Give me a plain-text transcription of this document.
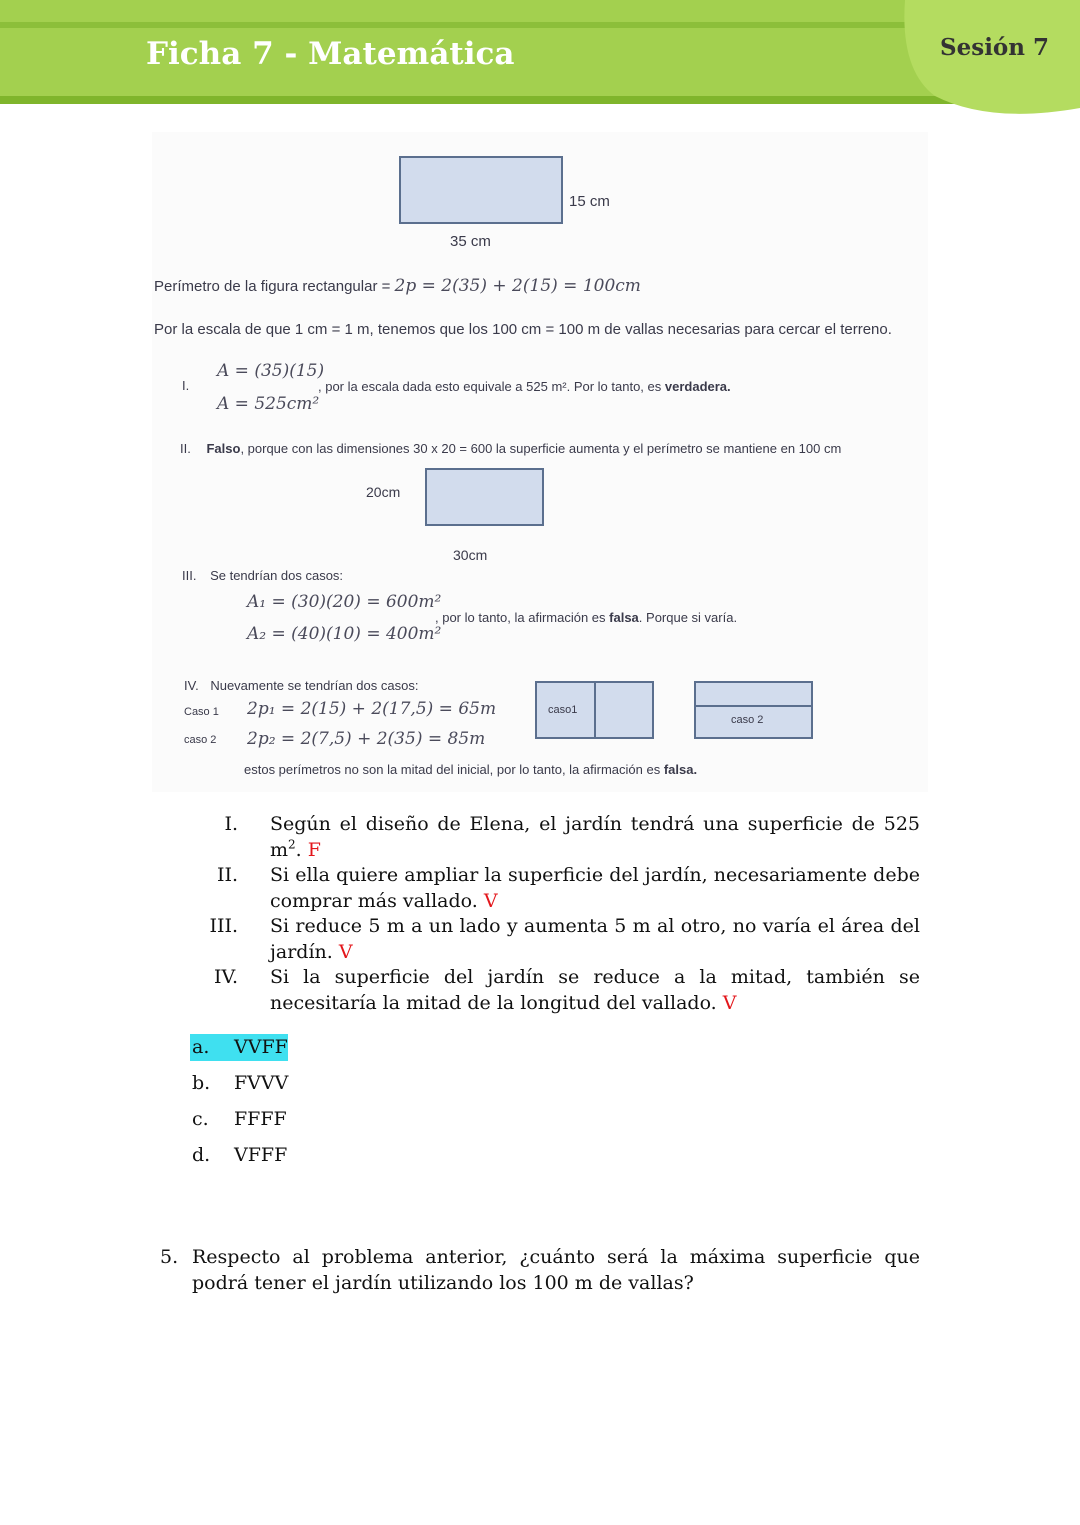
Ficha 7 - Matemática	Sesión 7
15 cm
35 cm
Perímetro de la figura rectangular = 2p = 2(35) + 2(15) = 100cm
Por la escala de que 1 cm = 1 m, tenemos que los 100 cm = 100 m de vallas necesarias para cercar el terreno.
I.
A = (35)(15)
A = 525cm²
, por la escala dada esto equivale a 525 m². Por lo tanto, es verdadera.
II. Falso, porque con las dimensiones 30 x 20 = 600 la superficie aumenta y el perímetro se mantiene en 100 cm
20cm
30cm
III. Se tendrían dos casos:
A₁ = (30)(20) = 600m²
A₂ = (40)(10) = 400m²
, por lo tanto, la afirmación es falsa. Porque si varía.
IV. Nuevamente se tendrían dos casos:
Caso 1 2p₁ = 2(15) + 2(17,5) = 65m
caso 2 2p₂ = 2(7,5) + 2(35) = 85m
caso1
caso 2
estos perímetros no son la mitad del inicial, por lo tanto, la afirmación es falsa.
I. Según el diseño de Elena, el jardín tendrá una superficie de 525 $m^2$. F
II. Si ella quiere ampliar la superficie del jardín, necesariamente debe comprar más vallado. V
III. Si reduce 5 m a un lado y aumenta 5 m al otro, no varía el área del jardín. V
IV. Si la superficie del jardín se reduce a la mitad, también se necesitaría la mitad de la longitud del vallado. V
a. VVFF
b. FVVV
c. FFFF
d. VFFF
5. Respecto al problema anterior, ¿cuánto será la máxima superficie que podrá tener el jardín utilizando los 100 m de vallas?
